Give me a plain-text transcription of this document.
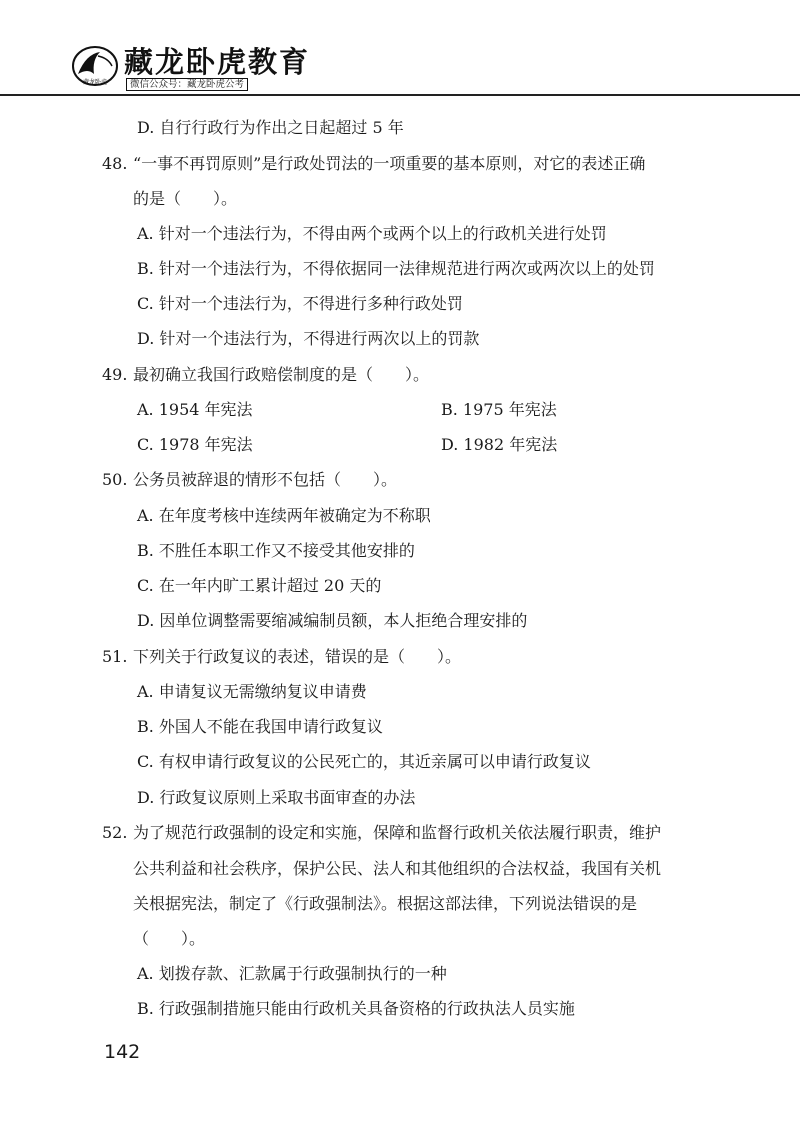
藏龙卧虎
藏龙卧虎教育
微信公众号：藏龙卧虎公考
D. 自行行政行为作出之日起超过 5 年
48. “一事不再罚原则”是行政处罚法的一项重要的基本原则，对它的表述正确
的是（　　）。
A. 针对一个违法行为，不得由两个或两个以上的行政机关进行处罚
B. 针对一个违法行为，不得依据同一法律规范进行两次或两次以上的处罚
C. 针对一个违法行为，不得进行多种行政处罚
D. 针对一个违法行为，不得进行两次以上的罚款
49. 最初确立我国行政赔偿制度的是（　　）。
A. 1954 年宪法	B. 1975 年宪法
C. 1978 年宪法	D. 1982 年宪法
50. 公务员被辞退的情形不包括（　　）。
A. 在年度考核中连续两年被确定为不称职
B. 不胜任本职工作又不接受其他安排的
C. 在一年内旷工累计超过 20 天的
D. 因单位调整需要缩减编制员额，本人拒绝合理安排的
51. 下列关于行政复议的表述，错误的是（　　）。
A. 申请复议无需缴纳复议申请费
B. 外国人不能在我国申请行政复议
C. 有权申请行政复议的公民死亡的，其近亲属可以申请行政复议
D. 行政复议原则上采取书面审查的办法
52. 为了规范行政强制的设定和实施，保障和监督行政机关依法履行职责，维护
公共利益和社会秩序，保护公民、法人和其他组织的合法权益，我国有关机
关根据宪法，制定了《行政强制法》。根据这部法律，下列说法错误的是
（　　）。
A. 划拨存款、汇款属于行政强制执行的一种
B. 行政强制措施只能由行政机关具备资格的行政执法人员实施
142
